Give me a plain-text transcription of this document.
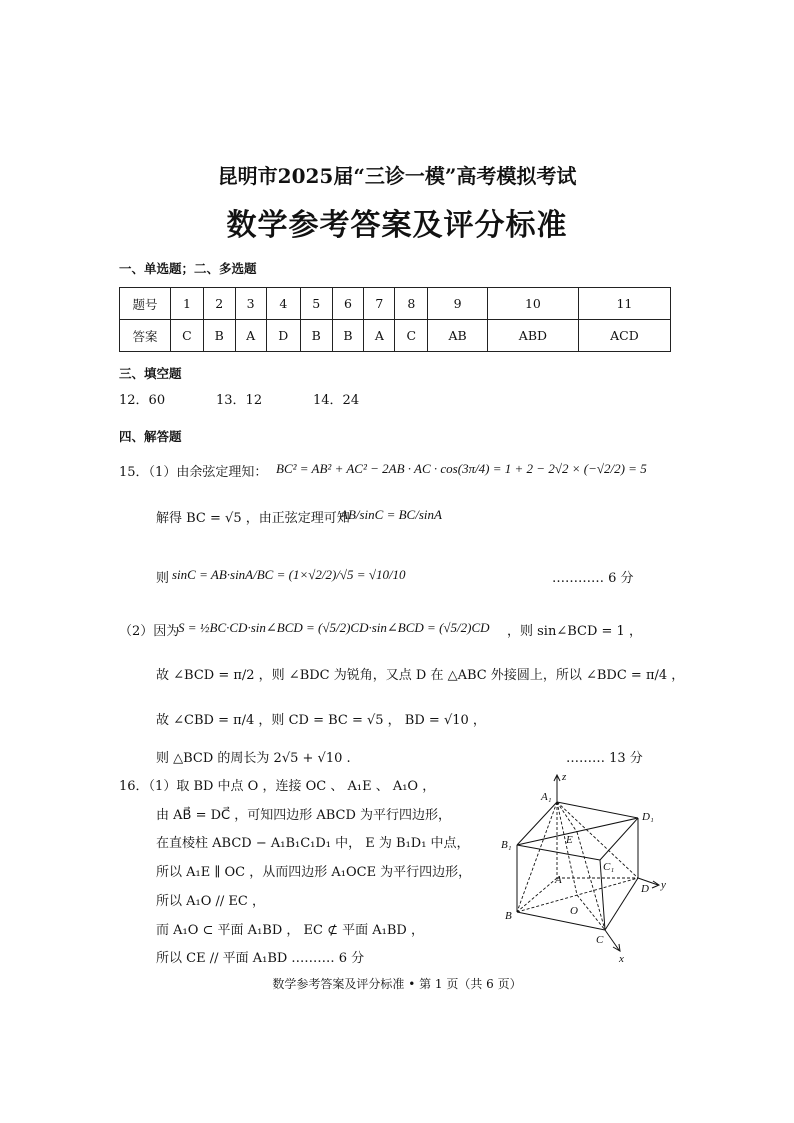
昆明市2025届“三诊一模”高考模拟考试
数学参考答案及评分标准
一、单选题；二、多选题
题号	1	2	3	4	5	6	7	8	9	10	11
答案	C	B	A	D	B	B	A	C	AB	ABD	ACD
三、填空题
12．60	13．12	14．24
四、解答题
15．（1）由余弦定理知： BC² = AB² + AC² − 2AB · AC · cos(3π/4) = 1 + 2 − 2√2 × (−√2/2) = 5
解得 BC = √5 ，由正弦定理可知
AB/sinC = BC/sinA
则 sinC = AB·sinA/BC = (1×√2/2)/√5 = √10/10	………… 6 分
（2）因为
S = ½BC·CD·sin∠BCD = (√5/2)CD·sin∠BCD = (√5/2)CD ，则 sin∠BCD = 1 ，
故 ∠BCD = π/2 ，则 ∠BDC 为锐角，又点 D 在 △ABC 外接圆上，所以 ∠BDC = π/4 ，
故 ∠CBD = π/4 ，则 CD = BC = √5 ， BD = √10 ，
则 △BCD 的周长为 2√5 + √10 .	……… 13 分
16．（1）取 BD 中点 O ，连接 OC 、 A₁E 、 A₁O ，
由 AB⃗ = DC⃗ ，可知四边形 ABCD 为平行四边形，
在直棱柱 ABCD − A₁B₁C₁D₁ 中， E 为 B₁D₁ 中点，
所以 A₁E ∥ OC ，从而四边形 A₁OCE 为平行四边形，
所以 A₁O // EC ，
而 A₁O ⊂ 平面 A₁BD ， EC ⊄ 平面 A₁BD ，
所以 CE // 平面 A₁BD .……… 6 分
z
A₁
D₁
B₁	E
C₁
A
D y
O
B
C
x
数学参考答案及评分标准 • 第 1 页（共 6 页）
